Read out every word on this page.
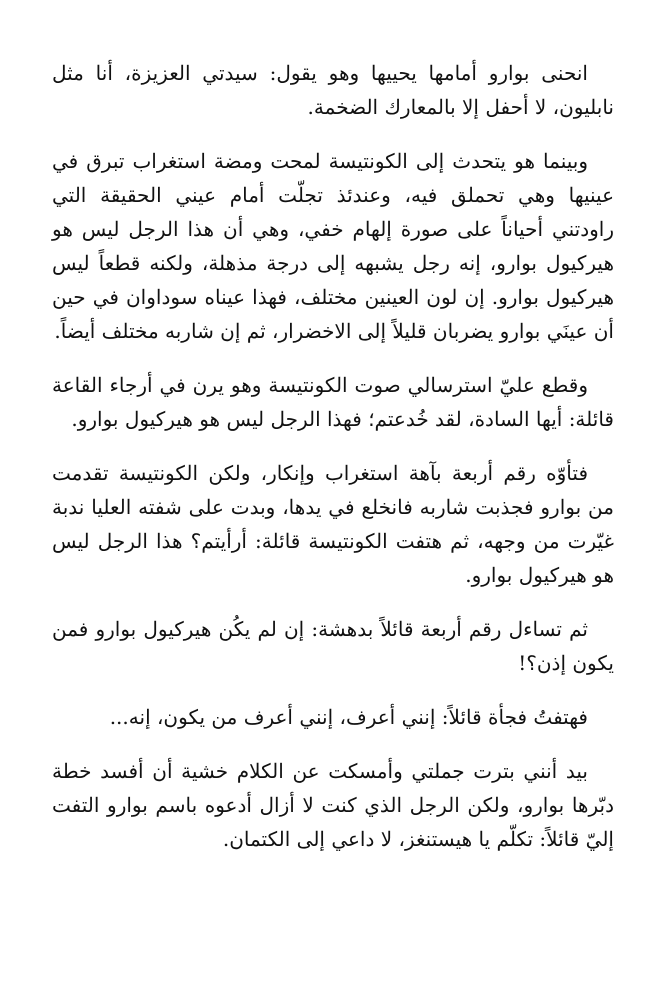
انحنى بوارو أمامها يحييها وهو يقول: سيدتي العزيزة، أنا مثل نابليون، لا أحفل إلا بالمعارك الضخمة.

وبينما هو يتحدث إلى الكونتيسة لمحت ومضة استغراب تبرق في عينيها وهي تحملق فيه، وعندئذ تجلّت أمام عيني الحقيقة التي راودتني أحياناً على صورة إلهام خفي، وهي أن هذا الرجل ليس هو هيركيول بوارو، إنه رجل يشبهه إلى درجة مذهلة، ولكنه قطعاً ليس هيركيول بوارو. إن لون العينين مختلف، فهذا عيناه سوداوان في حين أن عينَي بوارو يضربان قليلاً إلى الاخضرار، ثم إن شاربه مختلف أيضاً.

وقطع عليّ استرسالي صوت الكونتيسة وهو يرن في أرجاء القاعة قائلة: أيها السادة، لقد خُدعتم؛ فهذا الرجل ليس هو هيركيول بوارو.

فتأوّه رقم أربعة بآهة استغراب وإنكار، ولكن الكونتيسة تقدمت من بوارو فجذبت شاربه فانخلع في يدها، وبدت على شفته العليا ندبة غيّرت من وجهه، ثم هتفت الكونتيسة قائلة: أرأيتم؟ هذا الرجل ليس هو هيركيول بوارو.

ثم تساءل رقم أربعة قائلاً بدهشة: إن لم يكُن هيركيول بوارو فمن يكون إذن؟!

فهتفتُ فجأة قائلاً: إنني أعرف، إنني أعرف من يكون، إنه...

بيد أنني بترت جملتي وأمسكت عن الكلام خشية أن أفسد خطة دبّرها بوارو، ولكن الرجل الذي كنت لا أزال أدعوه باسم بوارو التفت إليّ قائلاً: تكلّم يا هيستنغز، لا داعي إلى الكتمان.
